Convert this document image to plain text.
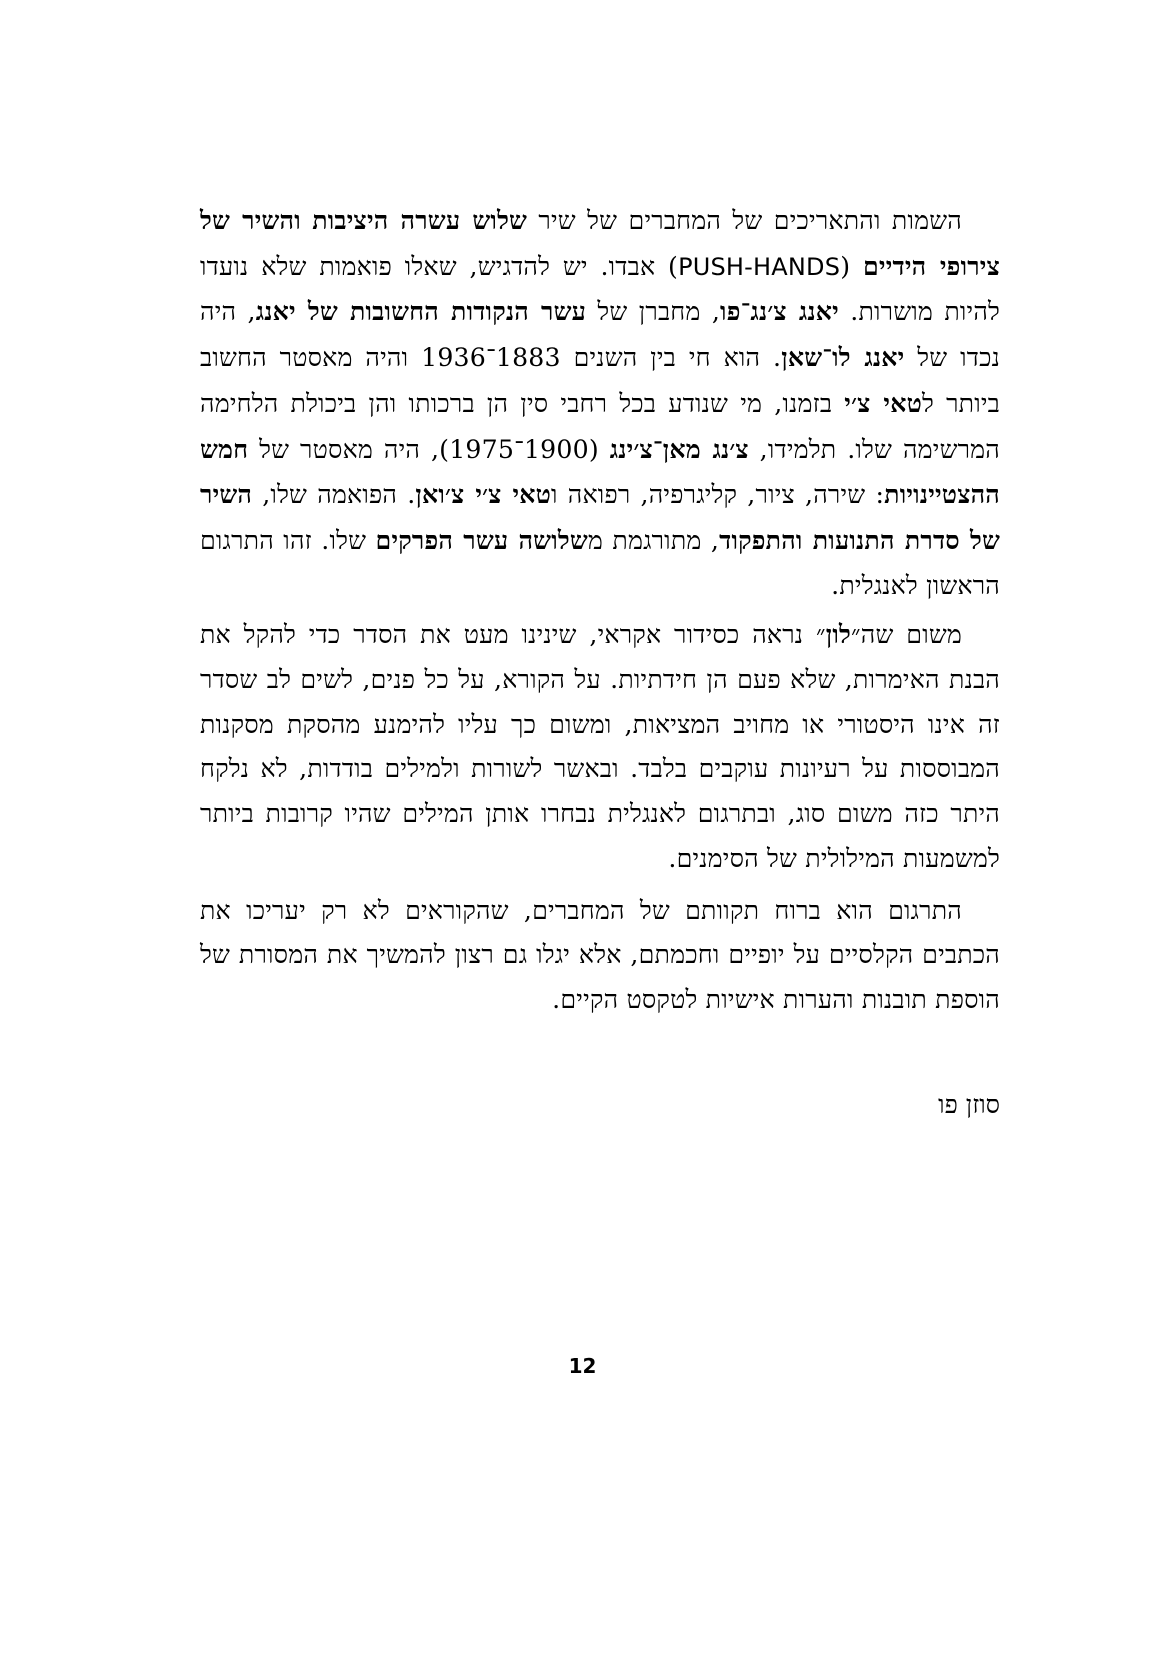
השמות והתאריכים של המחברים של שיר שלוש עשרה היציבות והשיר של צירופי הידיים (PUSH-HANDS) אבדו. יש להדגיש, שאלו פואמות שלא נועדו להיות מושרות. יאנג צ׳נג־פו, מחברן של עשר הנקודות החשובות של יאנג, היה נכדו של יאנג לו־שאן. הוא חי בין השנים 1883־1936 והיה מאסטר החשוב ביותר לטאי צ׳י בזמנו, מי שנודע בכל רחבי סין הן ברכותו והן ביכולת הלחימה המרשימה שלו. תלמידו, צ׳נג מאן־צ׳ינג (1900־1975), היה מאסטר של חמש ההצטיינויות: שירה, ציור, קליגרפיה, רפואה וטאי צ׳י צ׳ואן. הפואמה שלו, השיר של סדרת התנועות והתפקוד, מתורגמת משלושה עשר הפרקים שלו. זהו התרגום הראשון לאנגלית.

משום שה״לון״ נראה כסידור אקראי, שינינו מעט את הסדר כדי להקל את הבנת האימרות, שלא פעם הן חידתיות. על הקורא, על כל פנים, לשים לב שסדר זה אינו היסטורי או מחויב המציאות, ומשום כך עליו להימנע מהסקת מסקנות המבוססות על רעיונות עוקבים בלבד. ובאשר לשורות ולמילים בודדות, לא נלקח היתר כזה משום סוג, ובתרגום לאנגלית נבחרו אותן המילים שהיו קרובות ביותר למשמעות המילולית של הסימנים.

התרגום הוא ברוח תקוותם של המחברים, שהקוראים לא רק יעריכו את הכתבים הקלסיים על יופיים וחכמתם, אלא יגלו גם רצון להמשיך את המסורת של הוספת תובנות והערות אישיות לטקסט הקיים.

סוזן פו
12
